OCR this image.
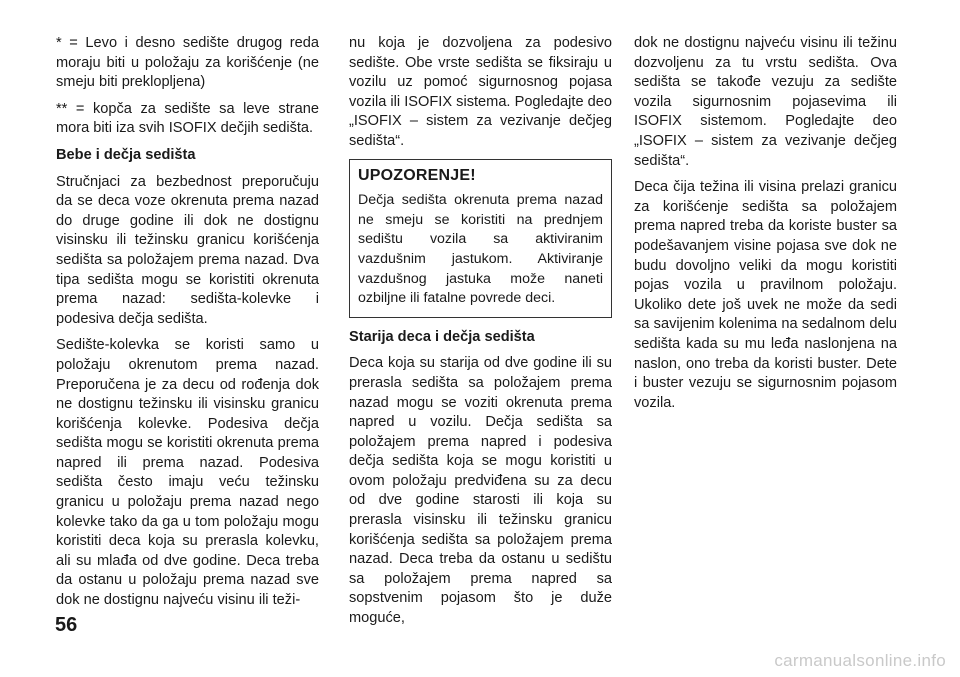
* = Levo i desno sedište drugog reda moraju biti u položaju za korišćenje (ne smeju biti preklopljena)

** = kopča za sedište sa leve strane mora biti iza svih ISOFIX dečjih sedišta.

Bebe i dečja sedišta

Stručnjaci za bezbednost preporučuju da se deca voze okrenuta prema nazad do druge godine ili dok ne dostignu visinsku ili težinsku granicu korišćenja sedišta sa položajem prema nazad. Dva tipa sedišta mogu se koristiti okrenuta prema nazad: sedišta-kolevke i podesiva dečja sedišta.

Sedište-kolevka se koristi samo u položaju okrenutom prema nazad. Preporučena je za decu od rođenja dok ne dostignu težinsku ili visinsku granicu korišćenja kolevke. Podesiva dečja sedišta mogu se koristiti okrenuta prema napred ili prema nazad. Podesiva sedišta često imaju veću težinsku granicu u položaju prema nazad nego kolevke tako da ga u tom položaju mogu koristiti deca koja su prerasla kolevku, ali su mlađa od dve godine. Deca treba da ostanu u položaju prema nazad sve dok ne dostignu najveću visinu ili teži-

nu koja je dozvoljena za podesivo sedište. Obe vrste sedišta se fiksiraju u vozilu uz pomoć sigurnosnog pojasa vozila ili ISOFIX sistema. Pogledajte deo „ISOFIX – sistem za vezivanje dečjeg sedišta“.

UPOZORENJE!
Dečja sedišta okrenuta prema nazad ne smeju se koristiti na prednjem sedištu vozila sa aktiviranim vazdušnim jastukom. Aktiviranje vazdušnog jastuka može naneti ozbiljne ili fatalne povrede deci.

Starija deca i dečja sedišta

Deca koja su starija od dve godine ili su prerasla sedišta sa položajem prema nazad mogu se voziti okrenuta prema napred u vozilu. Dečja sedišta sa položajem prema napred i podesiva dečja sedišta koja se mogu koristiti u ovom položaju predviđena su za decu od dve godine starosti ili koja su prerasla visinsku ili težinsku granicu korišćenja sedišta sa položajem prema nazad. Deca treba da ostanu u sedištu sa položajem prema napred sa sopstvenim pojasom što je duže moguće,

dok ne dostignu najveću visinu ili težinu dozvoljenu za tu vrstu sedišta. Ova sedišta se takođe vezuju za sedište vozila sigurnosnim pojasevima ili ISOFIX sistemom. Pogledajte deo „ISOFIX – sistem za vezivanje dečjeg sedišta“.

Deca čija težina ili visina prelazi granicu za korišćenje sedišta sa položajem prema napred treba da koriste buster sa podešavanjem visine pojasa sve dok ne budu dovoljno veliki da mogu koristiti pojas vozila u pravilnom položaju. Ukoliko dete još uvek ne može da sedi sa savijenim kolenima na sedalnom delu sedišta kada su mu leđa naslonjena na naslon, ono treba da koristi buster. Dete i buster vezuju se sigurnosnim pojasom vozila.

56
carmanualsonline.info
